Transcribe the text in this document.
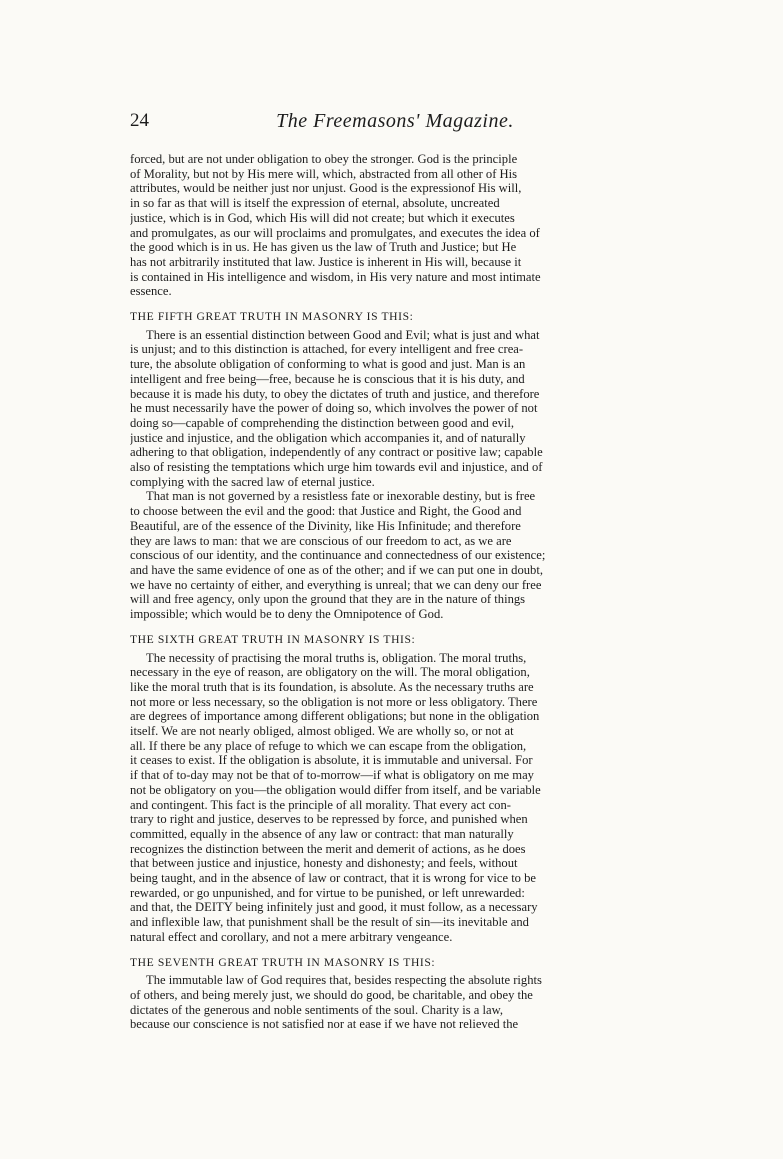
24	The Freemasons' Magazine.
forced, but are not under obligation to obey the stronger. God is the principle
of Morality, but not by His mere will, which, abstracted from all other of His
attributes, would be neither just nor unjust. Good is the expressionof His will,
in so far as that will is itself the expression of eternal, absolute, uncreated
justice, which is in God, which His will did not create; but which it executes
and promulgates, as our will proclaims and promulgates, and executes the idea of
the good which is in us. He has given us the law of Truth and Justice; but He
has not arbitrarily instituted that law. Justice is inherent in His will, because it
is contained in His intelligence and wisdom, in His very nature and most intimate
essence.
THE FIFTH GREAT TRUTH IN MASONRY IS THIS:
There is an essential distinction between Good and Evil; what is just and what
is unjust; and to this distinction is attached, for every intelligent and free crea-
ture, the absolute obligation of conforming to what is good and just. Man is an
intelligent and free being—free, because he is conscious that it is his duty, and
because it is made his duty, to obey the dictates of truth and justice, and therefore
he must necessarily have the power of doing so, which involves the power of not
doing so—capable of comprehending the distinction between good and evil,
justice and injustice, and the obligation which accompanies it, and of naturally
adhering to that obligation, independently of any contract or positive law; capable
also of resisting the temptations which urge him towards evil and injustice, and of
complying with the sacred law of eternal justice.
That man is not governed by a resistless fate or inexorable destiny, but is free
to choose between the evil and the good: that Justice and Right, the Good and
Beautiful, are of the essence of the Divinity, like His Infinitude; and therefore
they are laws to man: that we are conscious of our freedom to act, as we are
conscious of our identity, and the continuance and connectedness of our existence;
and have the same evidence of one as of the other; and if we can put one in doubt,
we have no certainty of either, and everything is unreal; that we can deny our free
will and free agency, only upon the ground that they are in the nature of things
impossible; which would be to deny the Omnipotence of God.
THE SIXTH GREAT TRUTH IN MASONRY IS THIS:
The necessity of practising the moral truths is, obligation. The moral truths,
necessary in the eye of reason, are obligatory on the will. The moral obligation,
like the moral truth that is its foundation, is absolute. As the necessary truths are
not more or less necessary, so the obligation is not more or less obligatory. There
are degrees of importance among different obligations; but none in the obligation
itself. We are not nearly obliged, almost obliged. We are wholly so, or not at
all. If there be any place of refuge to which we can escape from the obligation,
it ceases to exist. If the obligation is absolute, it is immutable and universal. For
if that of to-day may not be that of to-morrow—if what is obligatory on me may
not be obligatory on you—the obligation would differ from itself, and be variable
and contingent. This fact is the principle of all morality. That every act con-
trary to right and justice, deserves to be repressed by force, and punished when
committed, equally in the absence of any law or contract: that man naturally
recognizes the distinction between the merit and demerit of actions, as he does
that between justice and injustice, honesty and dishonesty; and feels, without
being taught, and in the absence of law or contract, that it is wrong for vice to be
rewarded, or go unpunished, and for virtue to be punished, or left unrewarded:
and that, the DEITY being infinitely just and good, it must follow, as a necessary
and inflexible law, that punishment shall be the result of sin—its inevitable and
natural effect and corollary, and not a mere arbitrary vengeance.
THE SEVENTH GREAT TRUTH IN MASONRY IS THIS:
The immutable law of God requires that, besides respecting the absolute rights
of others, and being merely just, we should do good, be charitable, and obey the
dictates of the generous and noble sentiments of the soul. Charity is a law,
because our conscience is not satisfied nor at ease if we have not relieved the
